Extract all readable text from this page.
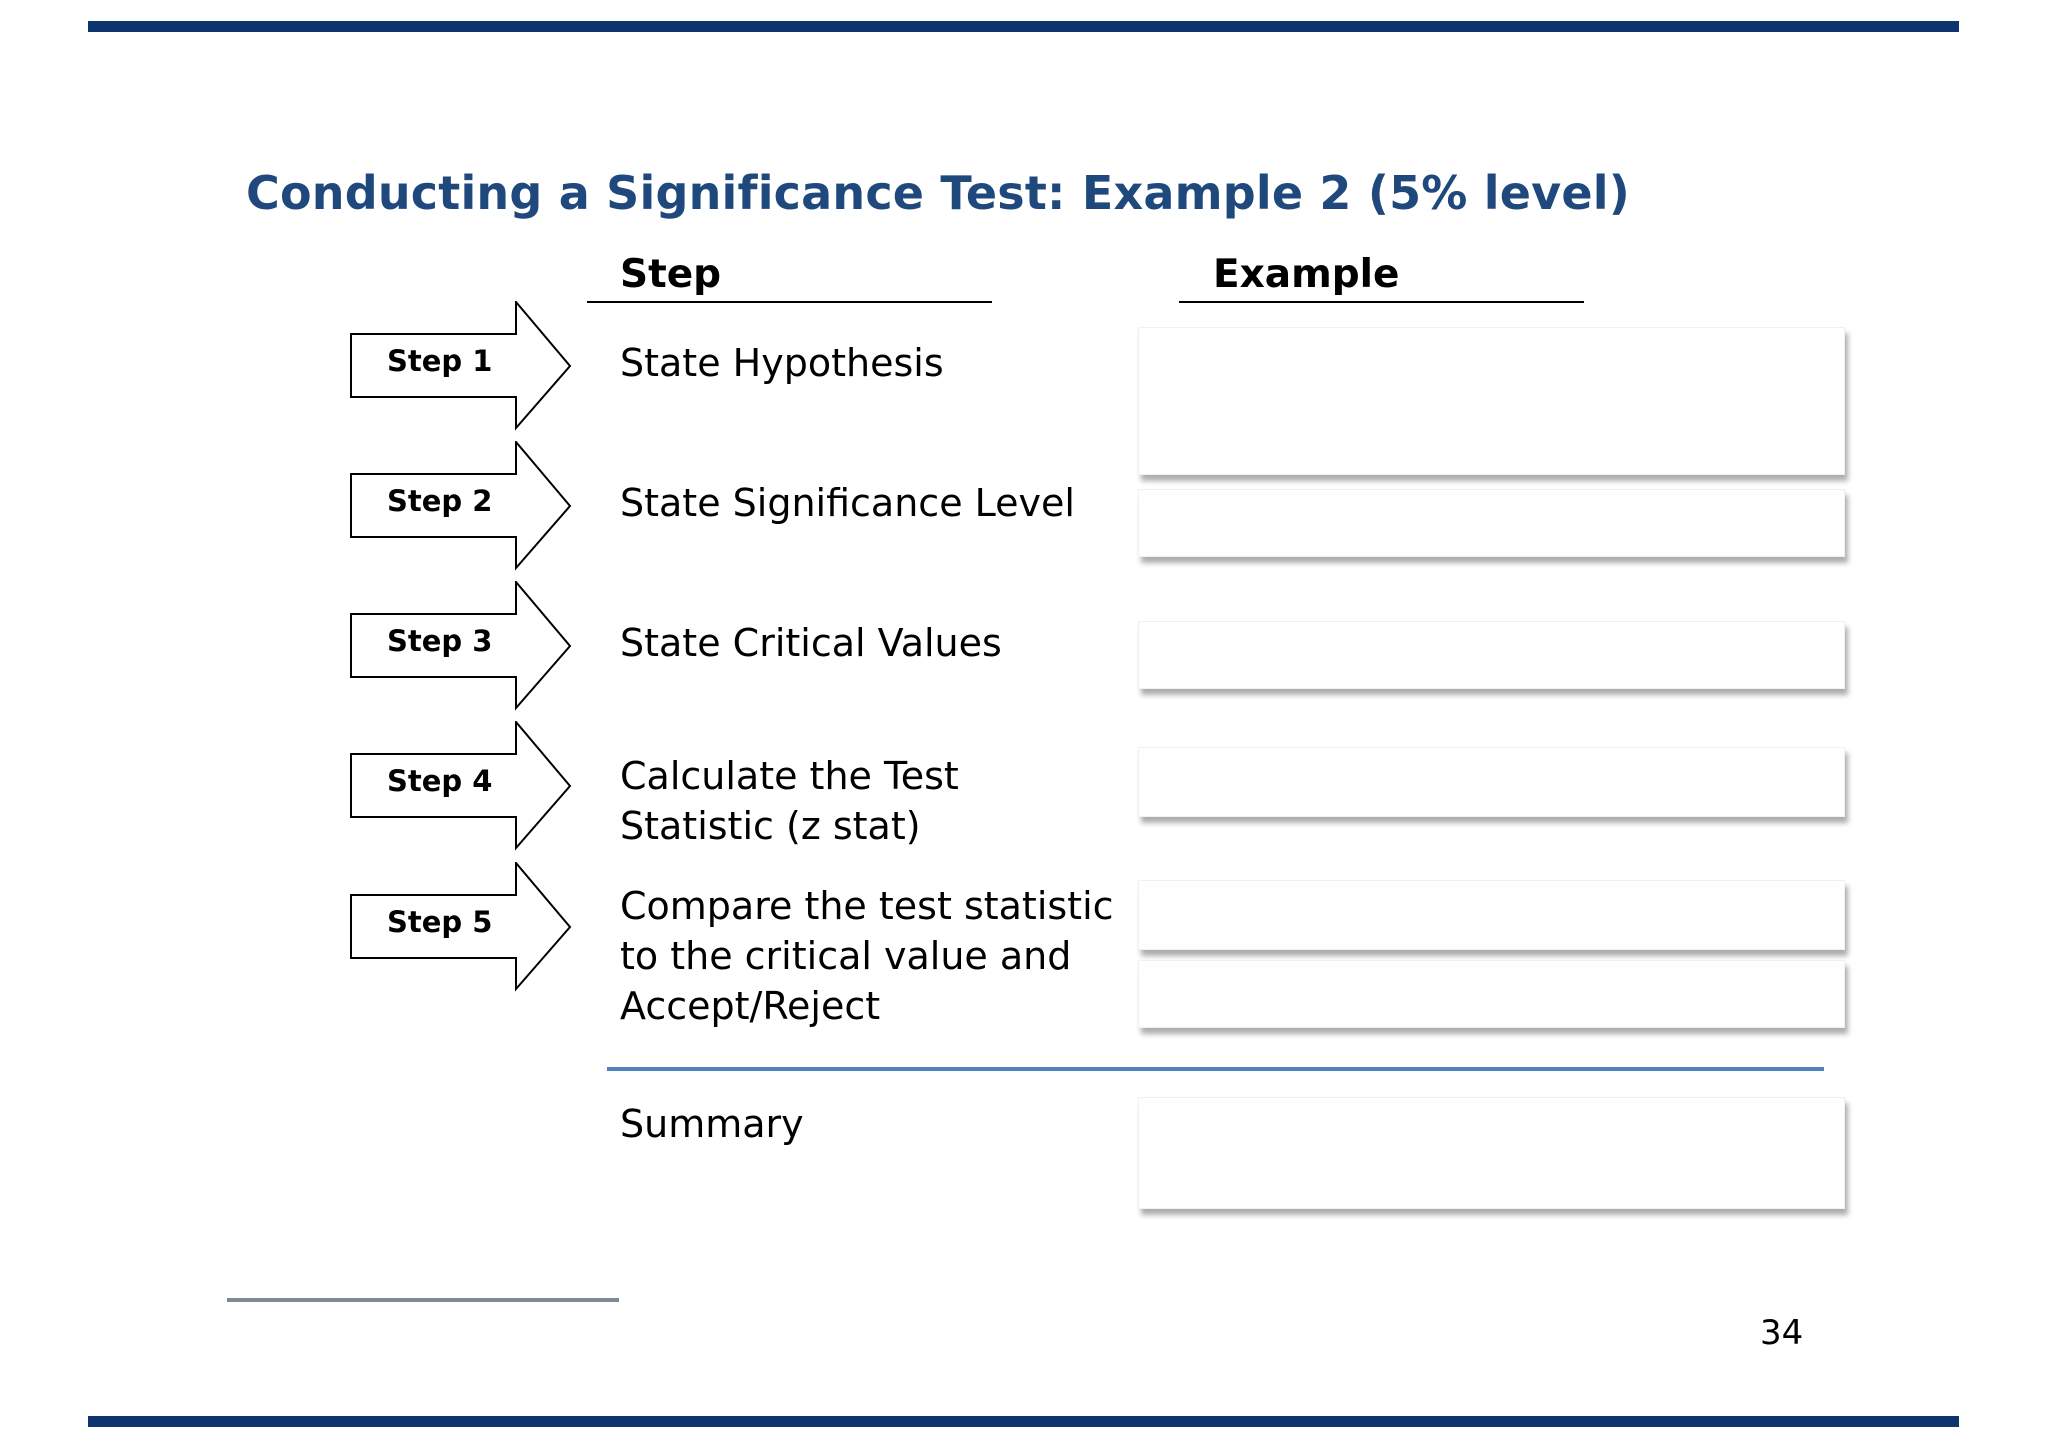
Conducting a Significance Test: Example 2 (5% level)
Step	Example
Step 1	State Hypothesis
Step 2	State Significance Level
Step 3	State Critical Values
Step 4	Calculate the Test
Statistic (z stat)
Step 5	Compare the test statistic
to the critical value and
Accept/Reject
Summary
34
